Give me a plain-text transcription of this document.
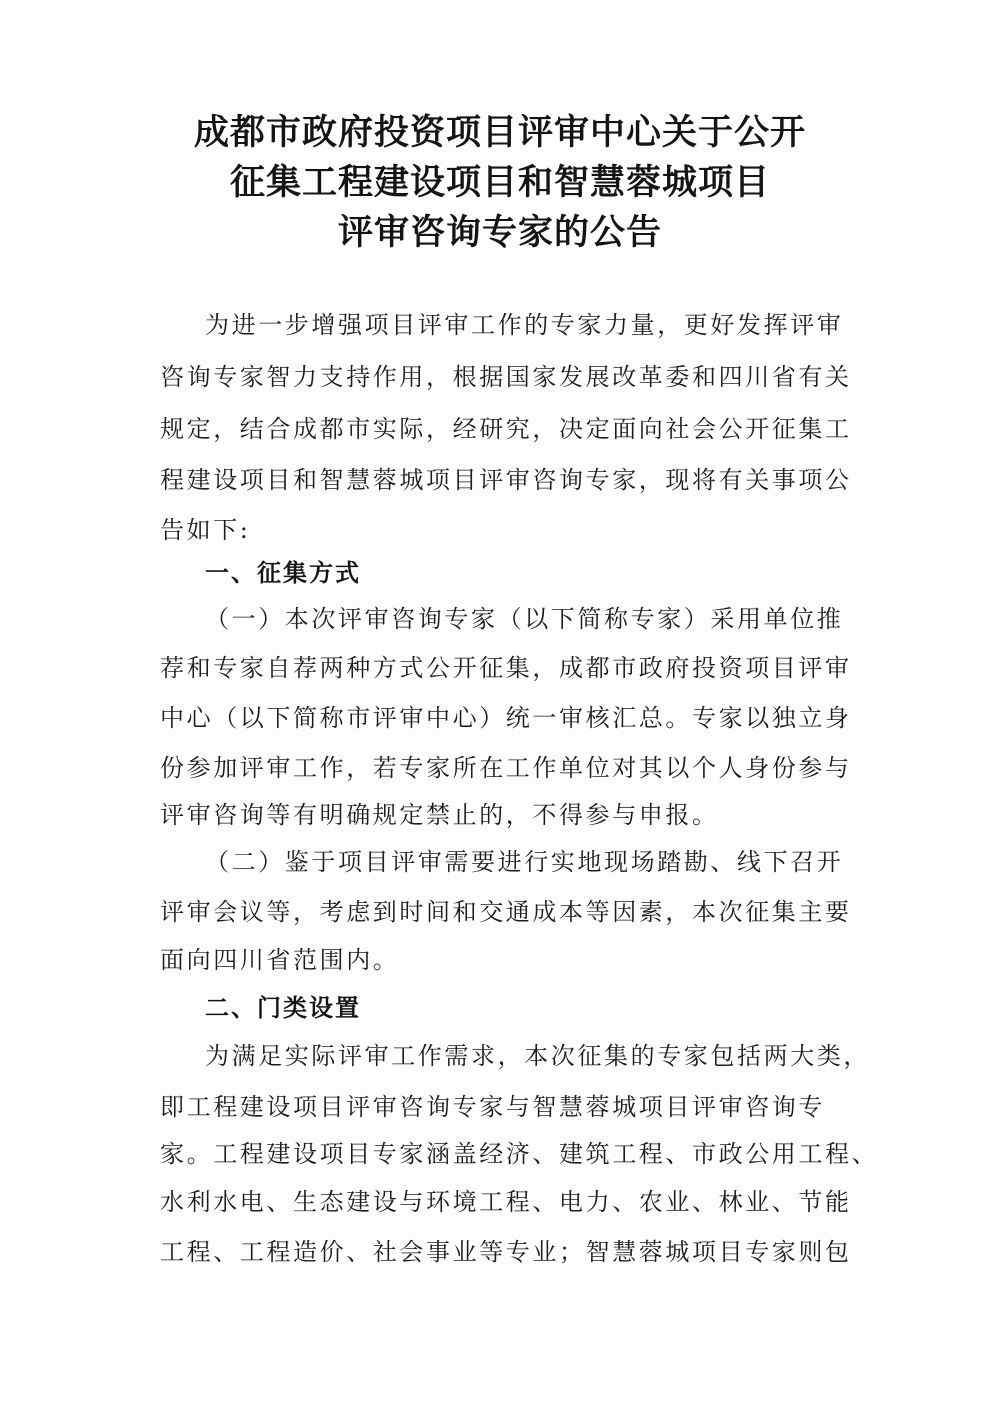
成都市政府投资项目评审中心关于公开
征集工程建设项目和智慧蓉城项目
评审咨询专家的公告
为进一步增强项目评审工作的专家力量，更好发挥评审
咨询专家智力支持作用，根据国家发展改革委和四川省有关
规定，结合成都市实际，经研究，决定面向社会公开征集工
程建设项目和智慧蓉城项目评审咨询专家，现将有关事项公
告如下:
一、征集方式
（一）本次评审咨询专家（以下简称专家）采用单位推
荐和专家自荐两种方式公开征集，成都市政府投资项目评审
中心（以下简称市评审中心）统一审核汇总。专家以独立身
份参加评审工作，若专家所在工作单位对其以个人身份参与
评审咨询等有明确规定禁止的，不得参与申报。
（二）鉴于项目评审需要进行实地现场踏勘、线下召开
评审会议等，考虑到时间和交通成本等因素，本次征集主要
面向四川省范围内。
二、门类设置
为满足实际评审工作需求，本次征集的专家包括两大类，
即工程建设项目评审咨询专家与智慧蓉城项目评审咨询专
家。工程建设项目专家涵盖经济、建筑工程、市政公用工程、
水利水电、生态建设与环境工程、电力、农业、林业、节能
工程、工程造价、社会事业等专业；智慧蓉城项目专家则包
